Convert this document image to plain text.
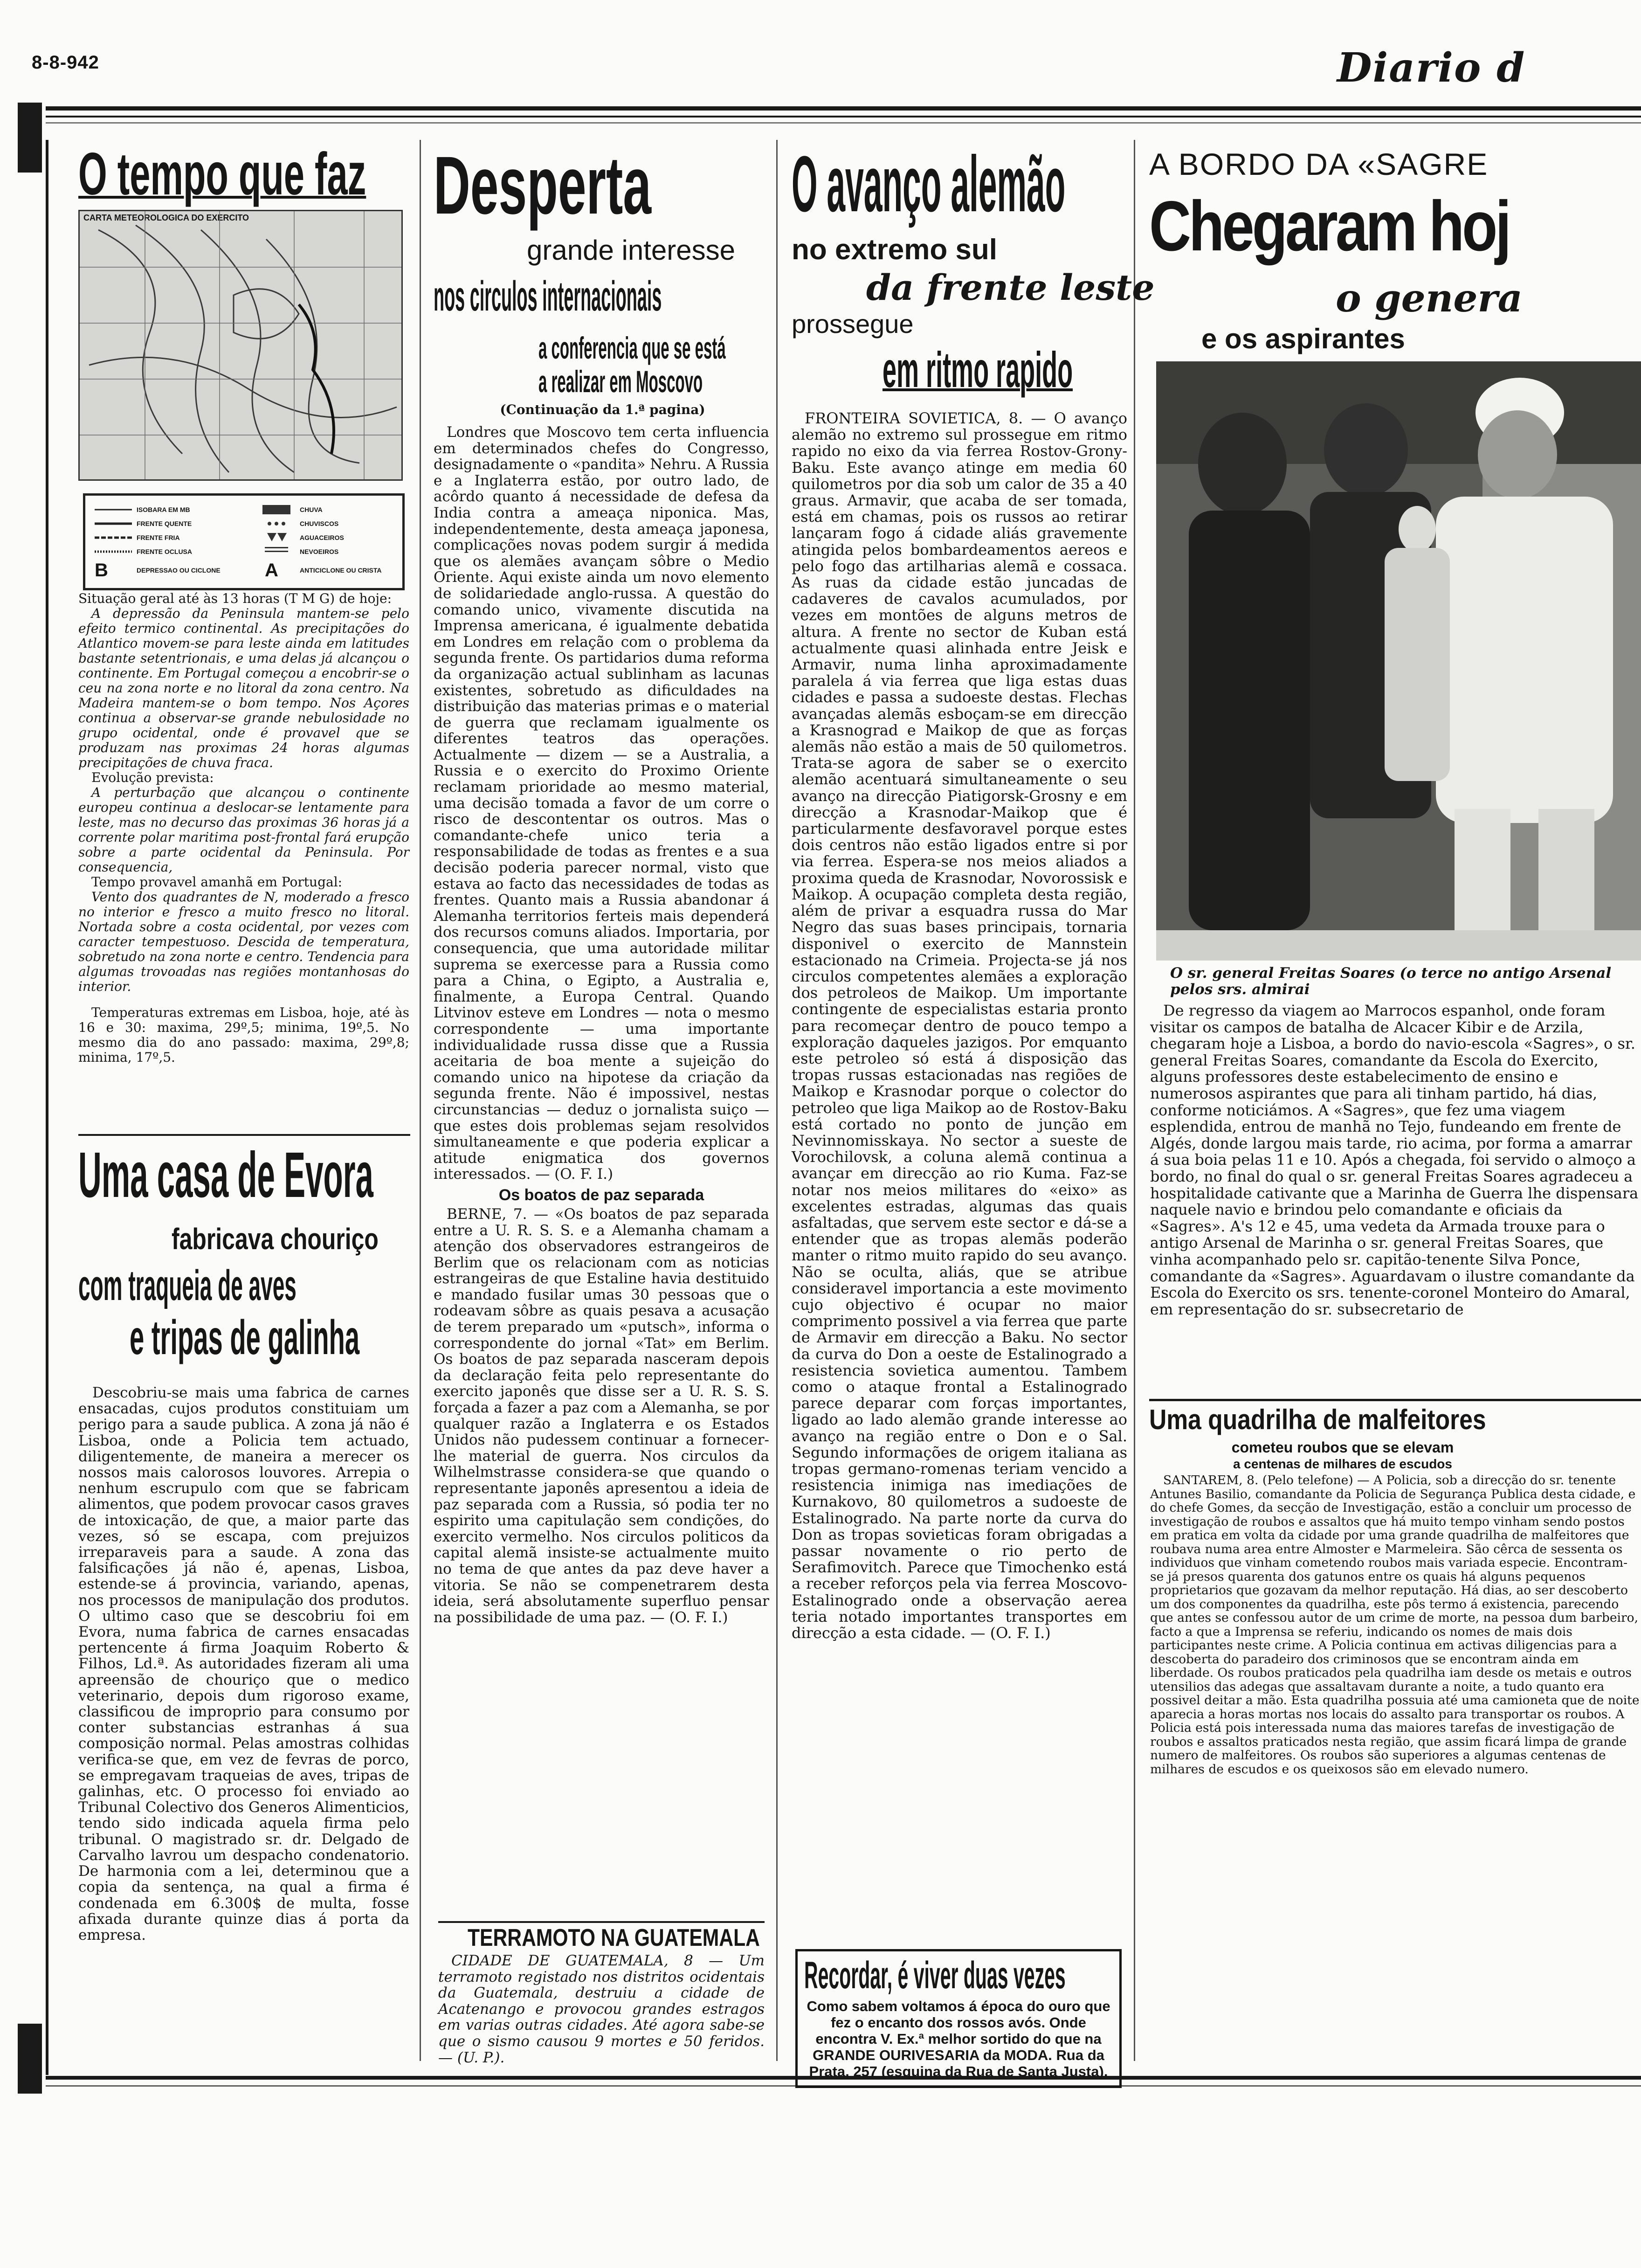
8-8-942	Diario d
O tempo que faz
CARTA METEOROLOGICA DO EXERCITO
ISOBARA EM MB
FRENTE QUENTE
FRENTE FRIA
FRENTE OCLUSA
DEPRESSAO OU CICLONE
CHUVA
CHUVISCOS
AGUACEIROS
NEVOEIROS
ANTICICLONE OU CRISTA
B	A

Situação geral até às 13 horas (T M G) de hoje:

A depressão da Peninsula mantem-se pelo efeito termico continental. As precipitações do Atlantico movem-se para leste ainda em latitudes bastante setentrionais, e uma delas já alcançou o continente. Em Portugal começou a encobrir-se o ceu na zona norte e no litoral da zona centro. Na Madeira mantem-se o bom tempo. Nos Açores continua a observar-se grande nebulosidade no grupo ocidental, onde é provavel que se produzam nas proximas 24 horas algumas precipitações de chuva fraca.

Evolução prevista:

A perturbação que alcançou o continente europeu continua a deslocar-se lentamente para leste, mas no decurso das proximas 36 horas já a corrente polar maritima post-frontal fará erupção sobre a parte ocidental da Peninsula. Por consequencia,

Tempo provavel amanhã em Portugal:

Vento dos quadrantes de N, moderado a fresco no interior e fresco a muito fresco no litoral. Nortada sobre a costa ocidental, por vezes com caracter tempestuoso. Descida de temperatura, sobretudo na zona norte e centro. Tendencia para algumas trovoadas nas regiões montanhosas do interior.

Temperaturas extremas em Lisboa, hoje, até às 16 e 30: maxima, 29º,5; minima, 19º,5. No mesmo dia do ano passado: maxima, 29º,8; minima, 17º,5.

Uma casa de Evora
fabricava chouriço
com traqueia de aves
e tripas de galinha

Descobriu-se mais uma fabrica de carnes ensacadas, cujos produtos constituiam um perigo para a saude publica. A zona já não é Lisboa, onde a Policia tem actuado, diligentemente, de maneira a merecer os nossos mais calorosos louvores. Arrepia o nenhum escrupulo com que se fabricam alimentos, que podem provocar casos graves de intoxicação, de que, a maior parte das vezes, só se escapa, com prejuizos irreparaveis para a saude. A zona das falsificações já não é, apenas, Lisboa, estende-se á provincia, variando, apenas, nos processos de manipulação dos produtos. O ultimo caso que se descobriu foi em Evora, numa fabrica de carnes ensacadas pertencente á firma Joaquim Roberto & Filhos, Ld.ª. As autoridades fizeram ali uma apreensão de chouriço que o medico veterinario, depois dum rigoroso exame, classificou de improprio para consumo por conter substancias estranhas á sua composição normal. Pelas amostras colhidas verifica-se que, em vez de fevras de porco, se empregavam traqueias de aves, tripas de galinhas, etc. O processo foi enviado ao Tribunal Colectivo dos Generos Alimenticios, tendo sido indicada aquela firma pelo tribunal. O magistrado sr. dr. Delgado de Carvalho lavrou um despacho condenatorio. De harmonia com a lei, determinou que a copia da sentença, na qual a firma é condenada em 6.300$ de multa, fosse afixada durante quinze dias á porta da empresa.

Desperta
grande interesse
nos circulos internacionais
a conferencia que se está
a realizar em Moscovo
(Continuação da 1.ª pagina)

Londres que Moscovo tem certa influencia em determinados chefes do Congresso, designadamente o «pandita» Nehru. A Russia e a Inglaterra estão, por outro lado, de acôrdo quanto á necessidade de defesa da India contra a ameaça niponica. Mas, independentemente, desta ameaça japonesa, complicações novas podem surgir á medida que os alemães avançam sôbre o Medio Oriente. Aqui existe ainda um novo elemento de solidariedade anglo-russa. A questão do comando unico, vivamente discutida na Imprensa americana, é igualmente debatida em Londres em relação com o problema da segunda frente. Os partidarios duma reforma da organização actual sublinham as lacunas existentes, sobretudo as dificuldades na distribuição das materias primas e o material de guerra que reclamam igualmente os diferentes teatros das operações. Actualmente — dizem — se a Australia, a Russia e o exercito do Proximo Oriente reclamam prioridade ao mesmo material, uma decisão tomada a favor de um corre o risco de descontentar os outros. Mas o comandante-chefe unico teria a responsabilidade de todas as frentes e a sua decisão poderia parecer normal, visto que estava ao facto das necessidades de todas as frentes. Quanto mais a Russia abandonar á Alemanha territorios ferteis mais dependerá dos recursos comuns aliados. Importaria, por consequencia, que uma autoridade militar suprema se exercesse para a Russia como para a China, o Egipto, a Australia e, finalmente, a Europa Central. Quando Litvinov esteve em Londres — nota o mesmo correspondente — uma importante individualidade russa disse que a Russia aceitaria de boa mente a sujeição do comando unico na hipotese da criação da segunda frente. Não é impossivel, nestas circunstancias — deduz o jornalista suiço — que estes dois problemas sejam resolvidos simultaneamente e que poderia explicar a atitude enigmatica dos governos interessados. — (O. F. I.)

Os boatos de paz separada

BERNE, 7. — «Os boatos de paz separada entre a U. R. S. S. e a Alemanha chamam a atenção dos observadores estrangeiros de Berlim que os relacionam com as noticias estrangeiras de que Estaline havia destituido e mandado fusilar umas 30 pessoas que o rodeavam sôbre as quais pesava a acusação de terem preparado um «putsch», informa o correspondente do jornal «Tat» em Berlim. Os boatos de paz separada nasceram depois da declaração feita pelo representante do exercito japonês que disse ser a U. R. S. S. forçada a fazer a paz com a Alemanha, se por qualquer razão a Inglaterra e os Estados Unidos não pudessem continuar a fornecer-lhe material de guerra. Nos circulos da Wilhelmstrasse considera-se que quando o representante japonês apresentou a ideia de paz separada com a Russia, só podia ter no espirito uma capitulação sem condições, do exercito vermelho. Nos circulos politicos da capital alemã insiste-se actualmente muito no tema de que antes da paz deve haver a vitoria. Se não se compenetrarem desta ideia, será absolutamente superfluo pensar na possibilidade de uma paz. — (O. F. I.)

TERRAMOTO NA GUATEMALA

CIDADE DE GUATEMALA, 8 — Um terramoto registado nos distritos ocidentais da Guatemala, destruiu a cidade de Acatenango e provocou grandes estragos em varias outras cidades. Até agora sabe-se que o sismo causou 9 mortes e 50 feridos. — (U. P.).

O avanço alemão
no extremo sul
da frente leste
prossegue
em ritmo rapido

FRONTEIRA SOVIETICA, 8. — O avanço alemão no extremo sul prossegue em ritmo rapido no eixo da via ferrea Rostov-Grony-Baku. Este avanço atinge em media 60 quilometros por dia sob um calor de 35 a 40 graus. Armavir, que acaba de ser tomada, está em chamas, pois os russos ao retirar lançaram fogo á cidade aliás gravemente atingida pelos bombardeamentos aereos e pelo fogo das artilharias alemã e cossaca. As ruas da cidade estão juncadas de cadaveres de cavalos acumulados, por vezes em montões de alguns metros de altura. A frente no sector de Kuban está actualmente quasi alinhada entre Jeisk e Armavir, numa linha aproximadamente paralela á via ferrea que liga estas duas cidades e passa a sudoeste destas. Flechas avançadas alemãs esboçam-se em direcção a Krasnograd e Maikop de que as forças alemãs não estão a mais de 50 quilometros. Trata-se agora de saber se o exercito alemão acentuará simultaneamente o seu avanço na direcção Piatigorsk-Grosny e em direcção a Krasnodar-Maikop que é particularmente desfavoravel porque estes dois centros não estão ligados entre si por via ferrea. Espera-se nos meios aliados a proxima queda de Krasnodar, Novorossisk e Maikop. A ocupação completa desta região, além de privar a esquadra russa do Mar Negro das suas bases principais, tornaria disponivel o exercito de Mannstein estacionado na Crimeia. Projecta-se já nos circulos competentes alemães a exploração dos petroleos de Maikop. Um importante contingente de especialistas estaria pronto para recomeçar dentro de pouco tempo a exploração daqueles jazigos. Por emquanto este petroleo só está á disposição das tropas russas estacionadas nas regiões de Maikop e Krasnodar porque o colector do petroleo que liga Maikop ao de Rostov-Baku está cortado no ponto de junção em Nevinnomisskaya. No sector a sueste de Vorochilovsk, a coluna alemã continua a avançar em direcção ao rio Kuma. Faz-se notar nos meios militares do «eixo» as excelentes estradas, algumas das quais asfaltadas, que servem este sector e dá-se a entender que as tropas alemãs poderão manter o ritmo muito rapido do seu avanço. Não se oculta, aliás, que se atribue consideravel importancia a este movimento cujo objectivo é ocupar no maior comprimento possivel a via ferrea que parte de Armavir em direcção a Baku. No sector da curva do Don a oeste de Estalinogrado a resistencia sovietica aumentou. Tambem como o ataque frontal a Estalinogrado parece deparar com forças importantes, ligado ao lado alemão grande interesse ao avanço na região entre o Don e o Sal. Segundo informações de origem italiana as tropas germano-romenas teriam vencido a resistencia inimiga nas imediações de Kurnakovo, 80 quilometros a sudoeste de Estalinogrado. Na parte norte da curva do Don as tropas sovieticas foram obrigadas a passar novamente o rio perto de Serafimovitch. Parece que Timochenko está a receber reforços pela via ferrea Moscovo-Estalinogrado onde a observação aerea teria notado importantes transportes em direcção a esta cidade. — (O. F. I.)

Recordar, é viver duas vezes

Como sabem voltamos á época do ouro que fez o encanto dos rossos avós. Onde encontra V. Ex.ª melhor sortido do que na GRANDE OURIVESARIA da MODA. Rua da Prata, 257 (esquina da Rua de Santa Justa).

A BORDO DA «SAGRE
Chegaram hoj
o genera
e os aspirantes
O sr. general Freitas Soares (o terce no antigo Arsenal pelos srs. almirai

De regresso da viagem ao Marrocos espanhol, onde foram visitar os campos de batalha de Alcacer Kibir e de Arzila, chegaram hoje a Lisboa, a bordo do navio-escola «Sagres», o sr. general Freitas Soares, comandante da Escola do Exercito, alguns professores deste estabelecimento de ensino e numerosos aspirantes que para ali tinham partido, há dias, conforme noticiámos. A «Sagres», que fez uma viagem esplendida, entrou de manhã no Tejo, fundeando em frente de Algés, donde largou mais tarde, rio acima, por forma a amarrar á sua boia pelas 11 e 10. Após a chegada, foi servido o almoço a bordo, no final do qual o sr. general Freitas Soares agradeceu a hospitalidade cativante que a Marinha de Guerra lhe dispensara naquele navio e brindou pelo comandante e oficiais da «Sagres». A's 12 e 45, uma vedeta da Armada trouxe para o antigo Arsenal de Marinha o sr. general Freitas Soares, que vinha acompanhado pelo sr. capitão-tenente Silva Ponce, comandante da «Sagres». Aguardavam o ilustre comandante da Escola do Exercito os srs. tenente-coronel Monteiro do Amaral, em representação do sr. subsecretario de

Uma quadrilha de malfeitores
cometeu roubos que se elevam
a centenas de milhares de escudos

SANTAREM, 8. (Pelo telefone) — A Policia, sob a direcção do sr. tenente Antunes Basilio, comandante da Policia de Segurança Publica desta cidade, e do chefe Gomes, da secção de Investigação, estão a concluir um processo de investigação de roubos e assaltos que há muito tempo vinham sendo postos em pratica em volta da cidade por uma grande quadrilha de malfeitores que roubava numa area entre Almoster e Marmeleira. São cêrca de sessenta os individuos que vinham cometendo roubos mais variada especie. Encontram-se já presos quarenta dos gatunos entre os quais há alguns pequenos proprietarios que gozavam da melhor reputação. Há dias, ao ser descoberto um dos componentes da quadrilha, este pôs termo á existencia, parecendo que antes se confessou autor de um crime de morte, na pessoa dum barbeiro, facto a que a Imprensa se referiu, indicando os nomes de mais dois participantes neste crime. A Policia continua em activas diligencias para a descoberta do paradeiro dos criminosos que se encontram ainda em liberdade. Os roubos praticados pela quadrilha iam desde os metais e outros utensilios das adegas que assaltavam durante a noite, a tudo quanto era possivel deitar a mão. Esta quadrilha possuia até uma camioneta que de noite aparecia a horas mortas nos locais do assalto para transportar os roubos. A Policia está pois interessada numa das maiores tarefas de investigação de roubos e assaltos praticados nesta região, que assim ficará limpa de grande numero de malfeitores. Os roubos são superiores a algumas centenas de milhares de escudos e os queixosos são em elevado numero.
